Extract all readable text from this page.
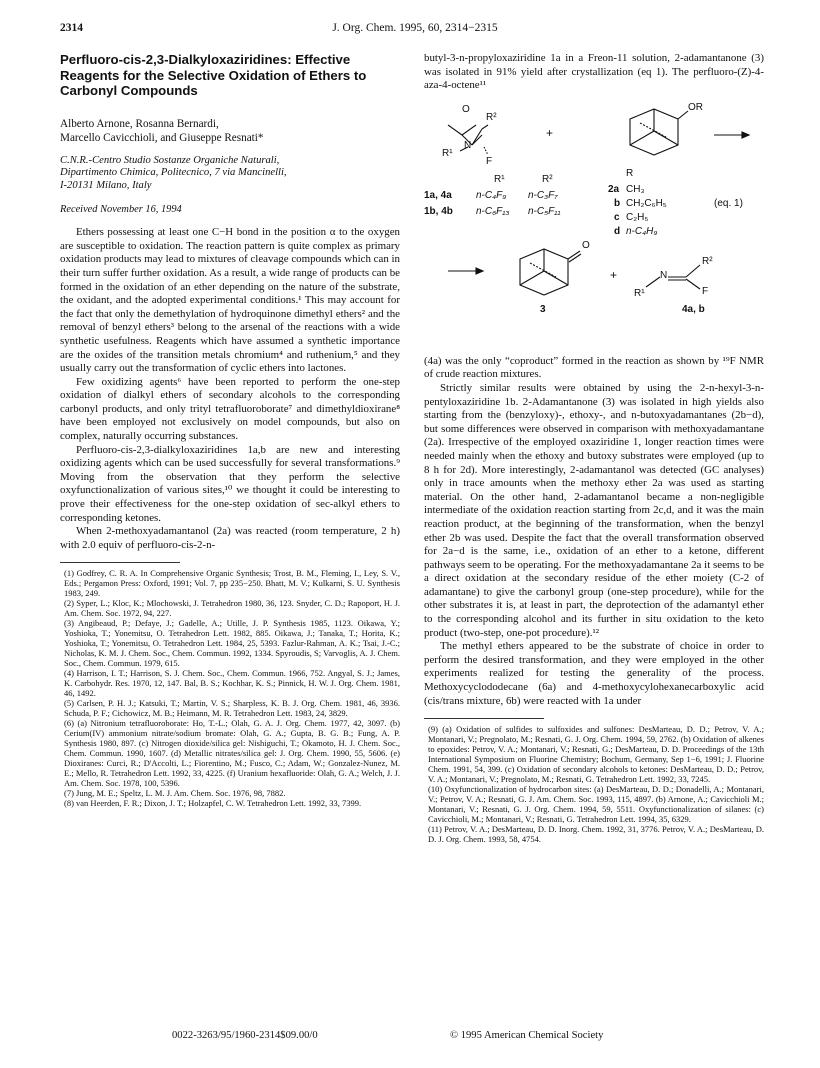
2314	J. Org. Chem. 1995, 60, 2314−2315
Perfluoro-cis-2,3-Dialkyloxaziridines: Effective Reagents for the Selective Oxidation of Ethers to Carbonyl Compounds
Alberto Arnone, Rosanna Bernardi,
Marcello Cavicchioli, and Giuseppe Resnati*
C.N.R.-Centro Studio Sostanze Organiche Naturali,
Dipartimento Chimica, Politecnico, 7 via Mancinelli,
I-20131 Milano, Italy
Received November 16, 1994

Ethers possessing at least one C−H bond in the position α to the oxygen are susceptible to oxidation. The reaction pattern is quite complex as primary oxidation products may lead to mixtures of cleavage compounds which can in their turn suffer further oxidation. As a result, a wide range of products can be formed in the oxidation of an ether depending on the nature of the substrate, the oxidant, and the adopted experimental conditions.¹ This may account for the fact that only the demethylation of hydroquinone dimethyl ethers² and the removal of benzyl ethers³ belong to the arsenal of the reactions with a wide synthetic usefulness. Reagents which have assumed a synthetic importance are the oxides of the transition metals chromium⁴ and ruthenium,⁵ and they usually carry out the transformation of cyclic ethers into lactones.

Few oxidizing agents⁶ have been reported to perform the one-step oxidation of dialkyl ethers of secondary alcohols to the corresponding carbonyl products, and only trityl tetrafluoroborate⁷ and dimethyldioxirane⁸ have been employed not exclusively on model compounds, but also on complex, naturally occurring substances.

Perfluoro-cis-2,3-dialkyloxaziridines 1a,b are new and interesting oxidizing agents which can be used successfully for several transformations.⁹ Moving from the observation that they perform the selective oxyfunctionalization of various sites,¹⁰ we thought it could be interesting to prove their effectiveness for the one-step oxidation of sec-alkyl ethers to corresponding ketones.

When 2-methoxyadamantanol (2a) was reacted (room temperature, 2 h) with 2.0 equiv of perfluoro-cis-2-n-

(1) Godfrey, C. R. A. In Comprehensive Organic Synthesis; Trost, B. M., Fleming, I., Ley, S. V., Eds.; Pergamon Press: Oxford, 1991; Vol. 7, pp 235−250. Bhatt, M. V.; Kulkarni, S. U. Synthesis 1983, 249.
(2) Syper, L.; Kloc, K.; Mlochowski, J. Tetrahedron 1980, 36, 123. Snyder, C. D.; Rapoport, H. J. Am. Chem. Soc. 1972, 94, 227.
(3) Angibeaud, P.; Defaye, J.; Gadelle, A.; Utille, J. P. Synthesis 1985, 1123. Oikawa, Y.; Yoshioka, T.; Yonemitsu, O. Tetrahedron Lett. 1982, 885. Oikawa, J.; Tanaka, T.; Horita, K.; Yoshioka, T.; Yonemitsu, O. Tetrahedron Lett. 1984, 25, 5393. Fazlur-Rahman, A. K.; Tsai, J.-C.; Nicholas, K. M. J. Chem. Soc., Chem. Commun. 1992, 1334. Spyroudis, S; Varvoglis, A. J. Chem. Soc., Chem. Commun. 1979, 615.
(4) Harrison, I. T.; Harrison, S. J. Chem. Soc., Chem. Commun. 1966, 752. Angyal, S. J.; James, K. Carbohydr. Res. 1970, 12, 147. Bal, B. S.; Kochhar, K. S.; Pinnick, H. W. J. Org. Chem. 1981, 46, 1492.
(5) Carlsen, P. H. J.; Katsuki, T.; Martin, V. S.; Sharpless, K. B. J. Org. Chem. 1981, 46, 3936. Schuda, P. F.; Cichowicz, M. B.; Heimann, M. R. Tetrahedron Lett. 1983, 24, 3829.
(6) (a) Nitronium tetrafluoroborate: Ho, T.-L.; Olah, G. A. J. Org. Chem. 1977, 42, 3097. (b) Cerium(IV) ammonium nitrate/sodium bromate: Olah, G. A.; Gupta, B. G. B.; Fung, A. P. Synthesis 1980, 897. (c) Nitrogen dioxide/silica gel: Nishiguchi, T.; Okamoto, H. J. Chem. Soc., Chem. Commun. 1990, 1607. (d) Metallic nitrates/silica gel: J. Org. Chem. 1990, 55, 5606. (e) Dioxiranes: Curci, R.; D'Accolti, L.; Fiorentino, M.; Fusco, C.; Adam, W.; Gonzalez-Nunez, M. E.; Mello, R. Tetrahedron Lett. 1992, 33, 4225. (f) Uranium hexafluoride: Olah, G. A.; Welch, J. J. Am. Chem. Soc. 1978, 100, 5396.
(7) Jung, M. E.; Speltz, L. M. J. Am. Chem. Soc. 1976, 98, 7882.
(8) van Heerden, F. R.; Dixon, J. T.; Holzapfel, C. W. Tetrahedron Lett. 1992, 33, 7399.

butyl-3-n-propyloxaziridine 1a in a Freon-11 solution, 2-adamantanone (3) was isolated in 91% yield after crystallization (eq 1). The perfluoro-(Z)-4-aza-4-octene¹¹

O
R²
N
R¹
F
+
OR
R¹	R²
R
1a, 4a n-C₄F₉ n-C₃F₇
1b, 4b n-C₆F₁₃ n-C₅F₁₁
2a CH₃
b CH₂C₆H₅
c C₂H₅
d n-C₄H₉
(eq. 1)
3
O
+	N
R²
R¹	F
4a, b

(4a) was the only “coproduct” formed in the reaction as shown by ¹⁹F NMR of crude reaction mixtures.

Strictly similar results were obtained by using the 2-n-hexyl-3-n-pentyloxaziridine 1b. 2-Adamantanone (3) was isolated in high yields also starting from the (benzyloxy)-, ethoxy-, and n-butoxyadamantanes (2b−d), but some differences were observed in comparison with methoxyadamantane (2a). Irrespective of the employed oxaziridine 1, longer reaction times were needed mainly when the ethoxy and butoxy substrates were employed (up to 8 h for 2d). More interestingly, 2-adamantanol was detected (GC analyses) only in trace amounts when the methoxy ether 2a was used as starting material. On the other hand, 2-adamantanol became a non-negligible intermediate of the oxidation reaction starting from 2c,d, and it was the main reaction product, at the beginning of the transformation, when the benzyl ether 2b was used. Despite the fact that the overall transformation observed for 2a−d is the same, i.e., oxidation of an ether to a ketone, different pathways seem to be operating. For the methoxyadamantane 2a it seems to be a direct oxidation at the secondary residue of the ether moiety (C-2 of adamantane) to give the carbonyl group (one-step procedure), while for the other substrates it is, at least in part, the deprotection of the adamantyl ether to the corresponding alcohol and its further in situ oxidation to the keto product (two-step, one-pot procedure).¹²

The methyl ethers appeared to be the substrate of choice in order to perform the desired transformation, and they were employed in the other experiments realized for testing the generality of the process. Methoxycyclododecane (6a) and 4-methoxycylohexanecarboxylic acid (cis/trans mixture, 6b) were reacted with 1a under

(9) (a) Oxidation of sulfides to sulfoxides and sulfones: DesMarteau, D. D.; Petrov, V. A.; Montanari, V.; Pregnolato, M.; Resnati, G. J. Org. Chem. 1994, 59, 2762. (b) Oxidation of alkenes to epoxides: Petrov, V. A.; Montanari, V.; Resnati, G.; DesMarteau, D. D. Proceedings of the 13th International Symposium on Fluorine Chemistry; Bochum, Germany, Sep 1−6, 1991; J. Fluorine Chem. 1991, 54, 399. (c) Oxidation of secondary alcohols to ketones: DesMarteau, D. D.; Petrov, V. A.; Montanari, V.; Pregnolato, M.; Resnati, G. Tetrahedron Lett. 1992, 33, 7245.
(10) Oxyfunctionalization of hydrocarbon sites: (a) DesMarteau, D. D.; Donadelli, A.; Montanari, V.; Petrov, V. A.; Resnati, G. J. Am. Chem. Soc. 1993, 115, 4897. (b) Arnone, A.; Cavicchioli M.; Montanari, V.; Resnati, G. J. Org. Chem. 1994, 59, 5511. Oxyfunctionalization of silanes: (c) Cavicchioli, M.; Montanari, V.; Resnati, G. Tetrahedron Lett. 1994, 35, 6329.
(11) Petrov, V. A.; DesMarteau, D. D. Inorg. Chem. 1992, 31, 3776. Petrov, V. A.; DesMarteau, D. D. J. Org. Chem. 1993, 58, 4754.
0022-3263/95/1960-2314$09.00/0	© 1995 American Chemical Society
